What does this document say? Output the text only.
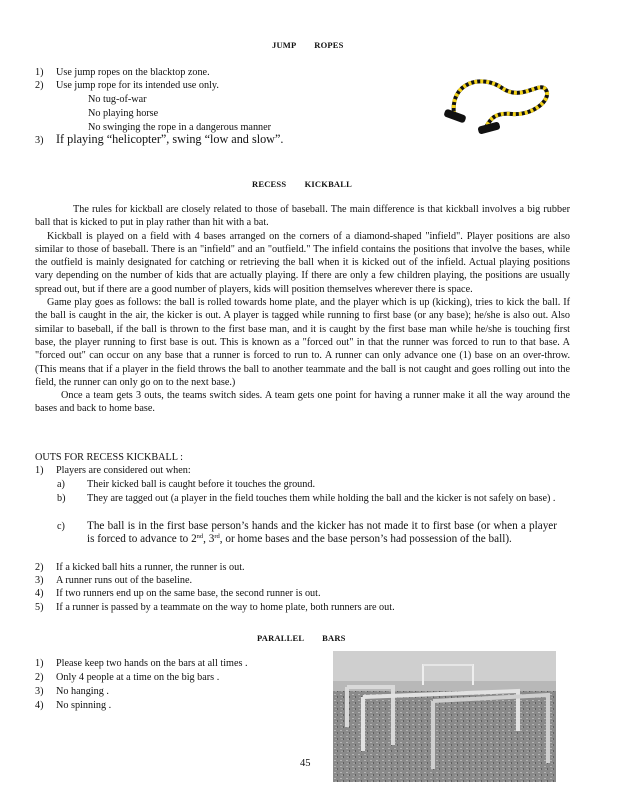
JUMP ROPES
1) Use jump ropes on the blacktop zone.
2) Use jump rope for its intended use only.
No tug-of-war
No playing horse
No swinging the rope in a dangerous manner
3) If playing “helicopter”, swing “low and slow”.
RECESS KICKBALL

The rules for kickball are closely related to those of baseball. The main difference is that kickball involves a big rubber ball that is kicked to put in play rather than hit with a bat.

Kickball is played on a field with 4 bases arranged on the corners of a diamond-shaped "infield". Player positions are also similar to those of baseball. There is an "infield" and an "outfield." The infield contains the positions that involve the bases, while the outfield is mainly designated for catching or retrieving the ball when it is kicked out of the infield. Actual playing positions vary depending on the number of kids that are actually playing. If there are only a few children playing, the positions are usually spread out, but if there are a good number of players, kids will position themselves wherever there is space.

Game play goes as follows: the ball is rolled towards home plate, and the player which is up (kicking), tries to kick the ball. If the ball is caught in the air, the kicker is out. A player is tagged while running to first base (or any base); he/she is also out. Also similar to baseball, if the ball is thrown to the first base man, and it is caught by the first base man while he/she is touching first base, the player running to first base is out. This is known as a "forced out" in that the runner was forced to run to that base. A "forced out" can occur on any base that a runner is forced to run to. A runner can only advance one (1) base on an over-throw. (This means that if a player in the field throws the ball to another teammate and the ball is not caught and goes rolling out into the field, the runner can only go on to the next base.)

Once a team gets 3 outs, the teams switch sides. A team gets one point for having a runner make it all the way around the bases and back to home base.

OUTS FOR RECESS KICKBALL :
1) Players are considered out when:
a) Their kicked ball is caught before it touches the ground.
b) They are tagged out (a player in the field touches them while holding the ball and the kicker is not safely on base) .
c) The ball is in the first base person’s hands and the kicker has not made it to first base (or when a player is forced to advance to 2nd, 3rd, or home bases and the base person’s had possession of the ball).
2) If a kicked ball hits a runner, the runner is out.
3) A runner runs out of the baseline.
4) If two runners end up on the same base, the second runner is out.
5) If a runner is passed by a teammate on the way to home plate, both runners are out.
PARALLEL BARS
1) Please keep two hands on the bars at all times .
2) Only 4 people at a time on the big bars .
3) No hanging .
4) No spinning .
45
